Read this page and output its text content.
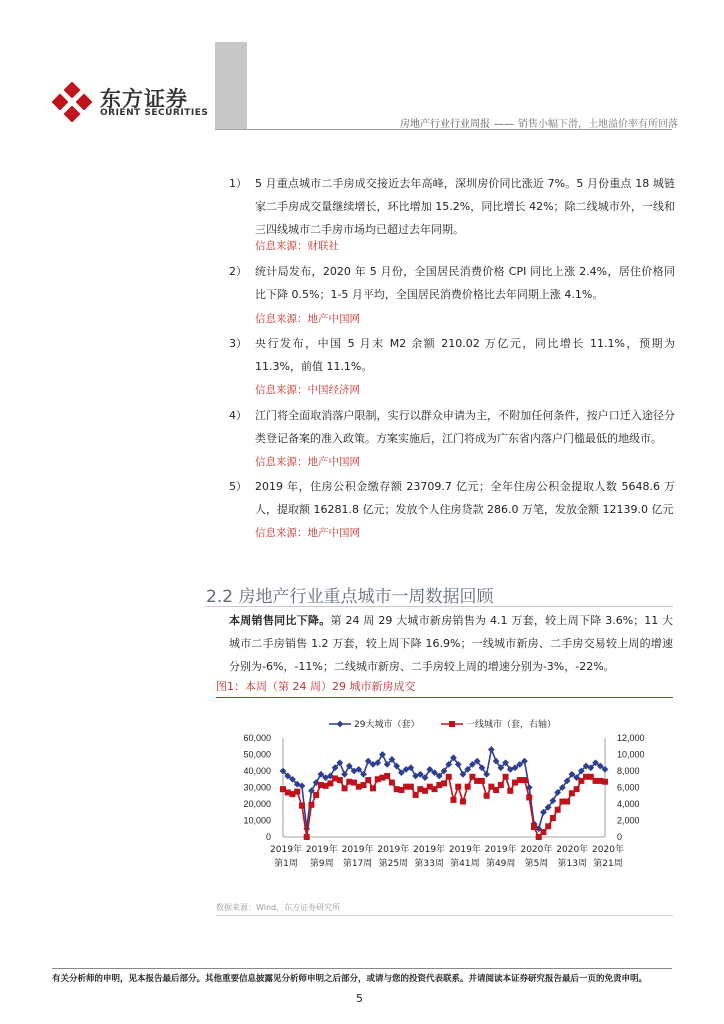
东方证券
ORIENT SECURITIES
房地产行业行业周报 —— 销售小幅下滑，土地溢价率有所回落
1） 5 月重点城市二手房成交接近去年高峰，深圳房价同比涨近 7%。5 月份重点 18 城链家二手房成交量继续增长，环比增加 15.2%，同比增长 42%；除二线城市外，一线和三四线城市二手房市场均已超过去年同期。
信息来源：财联社
2） 统计局发布，2020 年 5 月份，全国居民消费价格 CPI 同比上涨 2.4%，居住价格同比下降 0.5%；1-5 月平均，全国居民消费价格比去年同期上涨 4.1%。
信息来源：地产中国网
3） 央行发布，中国 5 月末 M2 余额 210.02 万亿元，同比增长 11.1%，预期为 11.3%，前值 11.1%。
信息来源：中国经济网
4） 江门将全面取消落户限制，实行以群众申请为主，不附加任何条件，按户口迁入途径分类登记备案的准入政策。方案实施后，江门将成为广东省内落户门槛最低的地级市。
信息来源：地产中国网
5） 2019 年，住房公积金缴存额 23709.7 亿元；全年住房公积金提取人数 5648.6 万人，提取额 16281.8 亿元；发放个人住房贷款 286.0 万笔，发放金额 12139.0 亿元
信息来源：地产中国网
2.2 房地产行业重点城市一周数据回顾
本周销售同比下降。第 24 周 29 大城市新房销售为 4.1 万套，较上周下降 3.6%；11 大城市二手房销售 1.2 万套，较上周下降 16.9%；一线城市新房、二手房交易较上周的增速分别为-6%，-11%；二线城市新房、二手房较上周的增速分别为-3%，-22%。
图1：本周（第 24 周）29 城市新房成交
60,000
50,000
40,000
30,000
20,000
10,000
0
12,000
10,000
8,000
6,000
4,000
2,000
0
2019年
第1周
2019年
第9周
2019年
第17周
2019年
第25周
2019年
第33周
2019年
第41周
2019年
第49周
2020年
第5周
2020年
第13周
2020年
第21周
29大城市（套）	一线城市（套，右轴）
数据来源：Wind，东方证券研究所
有关分析师的申明，见本报告最后部分。其他重要信息披露见分析师申明之后部分，或请与您的投资代表联系。并请阅读本证券研究报告最后一页的免责申明。
5
